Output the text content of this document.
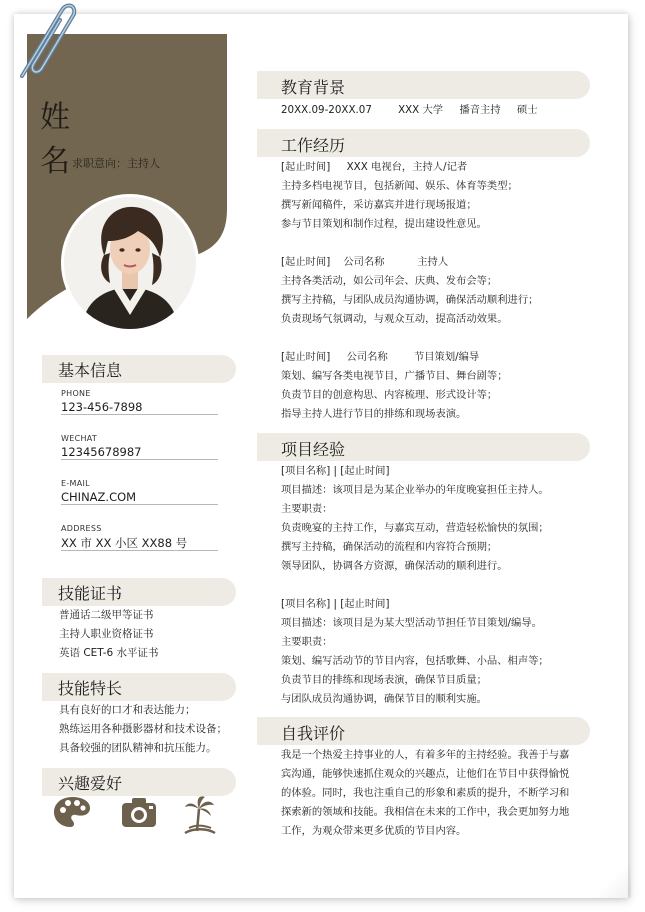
姓 名
求职意向：主持人
基本信息
PHONE
123-456-7898
WECHAT
12345678987
E-MAIL
CHINAZ.COM
ADDRESS
XX 市 XX 小区 XX88 号
技能证书
普通话二级甲等证书
主持人职业资格证书
英语 CET-6 水平证书
技能特长
具有良好的口才和表达能力；
熟练运用各种摄影器材和技术设备；
具备较强的团队精神和抗压能力。
兴趣爱好
教育背景
20XX.09-20XX.07        XXX 大学     播音主持     硕士
工作经历
[起止时间]     XXX 电视台，主持人/记者
主持多档电视节目，包括新闻、娱乐、体育等类型；
撰写新闻稿件，采访嘉宾并进行现场报道；
参与节目策划和制作过程，提出建设性意见。
[起止时间]    公司名称          主持人
主持各类活动，如公司年会、庆典、发布会等；
撰写主持稿，与团队成员沟通协调，确保活动顺利进行；
负责现场气氛调动，与观众互动，提高活动效果。
[起止时间]     公司名称        节目策划/编导
策划、编写各类电视节目，广播节目、舞台剧等；
负责节目的创意构思、内容梳理、形式设计等；
指导主持人进行节目的排练和现场表演。
项目经验
[项目名称] | [起止时间]
项目描述：该项目是为某企业举办的年度晚宴担任主持人。
主要职责：
负责晚宴的主持工作，与嘉宾互动，营造轻松愉快的氛围；
撰写主持稿，确保活动的流程和内容符合预期；
领导团队，协调各方资源，确保活动的顺利进行。
[项目名称] | [起止时间]
项目描述：该项目是为某大型活动节担任节目策划/编导。
主要职责：
策划、编写活动节的节目内容，包括歌舞、小品、相声等；
负责节目的排练和现场表演，确保节目质量；
与团队成员沟通协调，确保节目的顺利实施。
自我评价
我是一个热爱主持事业的人，有着多年的主持经验。我善于与嘉
宾沟通，能够快速抓住观众的兴趣点，让他们在节目中获得愉悦
的体验。同时，我也注重自己的形象和素质的提升，不断学习和
探索新的领域和技能。我相信在未来的工作中，我会更加努力地
工作，为观众带来更多优质的节目内容。
